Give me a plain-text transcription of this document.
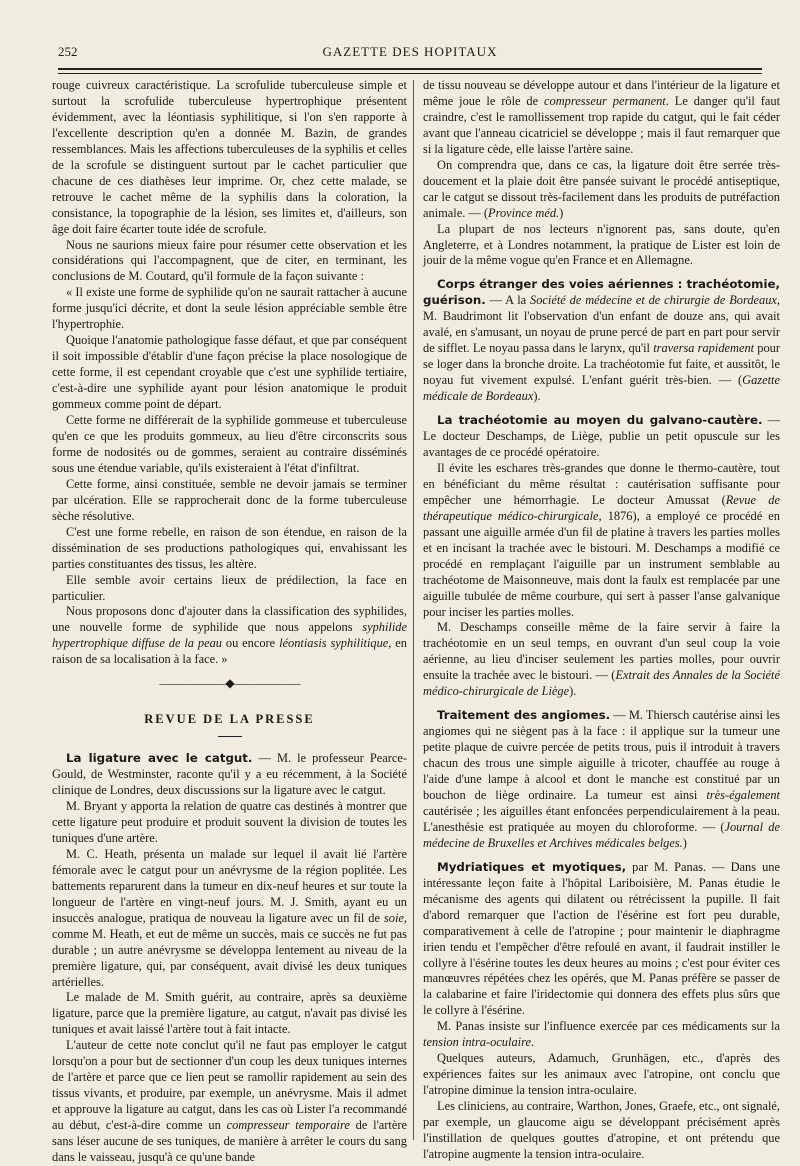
252	GAZETTE DES HOPITAUX

rouge cuivreux caractéristique. La scrofulide tuberculeuse simple et surtout la scrofulide tuberculeuse hypertrophique présentent évidemment, avec la léontiasis syphilitique, si l'on s'en rapporte à l'excellente description qu'en a donnée M. Bazin, de grandes ressemblances. Mais les affections tuberculeuses de la syphilis et celles de la scrofule se distinguent surtout par le cachet particulier que chacune de ces diathèses leur imprime. Or, chez cette malade, se retrouve le cachet même de la syphilis dans la coloration, la consistance, la topographie de la lésion, ses limites et, d'ailleurs, son âge doit faire écarter toute idée de scrofule.

Nous ne saurions mieux faire pour résumer cette observation et les considérations qui l'accompagnent, que de citer, en terminant, les conclusions de M. Coutard, qu'il formule de la façon suivante :

« Il existe une forme de syphilide qu'on ne saurait rattacher à aucune forme jusqu'ici décrite, et dont la seule lésion appréciable semble être l'hypertrophie.

Quoique l'anatomie pathologique fasse défaut, et que par conséquent il soit impossible d'établir d'une façon précise la place nosologique de cette forme, il est cependant croyable que c'est une syphilide tertiaire, c'est-à-dire une syphilide ayant pour lésion anatomique le produit gommeux comme point de départ.

Cette forme ne différerait de la syphilide gommeuse et tuberculeuse qu'en ce que les produits gommeux, au lieu d'être circonscrits sous forme de nodosités ou de gommes, seraient au contraire disséminés sous une étendue variable, qu'ils existeraient à l'état d'infiltrat.

Cette forme, ainsi constituée, semble ne devoir jamais se terminer par ulcération. Elle se rapprocherait donc de la forme tuberculeuse sèche résolutive.

C'est une forme rebelle, en raison de son étendue, en raison de la dissémination de ses productions pathologiques qui, envahissant les parties constituantes des tissus, les altère.

Elle semble avoir certains lieux de prédilection, la face en particulier.

Nous proposons donc d'ajouter dans la classification des syphilides, une nouvelle forme de syphilide que nous appelons syphilide hypertrophique diffuse de la peau ou encore léontiasis syphilitique, en raison de sa localisation à la face. »

——————◆——————
REVUE DE LA PRESSE

La ligature avec le catgut. — M. le professeur Pearce-Gould, de Westminster, raconte qu'il y a eu récemment, à la Société clinique de Londres, deux discussions sur la ligature avec le catgut.

M. Bryant y apporta la relation de quatre cas destinés à montrer que cette ligature peut produire et produit souvent la division de toutes les tuniques d'une artère.

M. C. Heath, présenta un malade sur lequel il avait lié l'artère fémorale avec le catgut pour un anévrysme de la région poplitée. Les battements reparurent dans la tumeur en dix-neuf heures et sur toute la longueur de l'artère en vingt-neuf jours. M. J. Smith, ayant eu un insuccès analogue, pratiqua de nouveau la ligature avec un fil de soie, comme M. Heath, et eut de même un succès, mais ce succès ne fut pas durable ; un autre anévrysme se développa lentement au niveau de la première ligature, qui, par conséquent, avait divisé les deux tuniques artérielles.

Le malade de M. Smith guérit, au contraire, après sa deuxième ligature, parce que la première ligature, au catgut, n'avait pas divisé les tuniques et avait laissé l'artère tout à fait intacte.

L'auteur de cette note conclut qu'il ne faut pas employer le catgut lorsqu'on a pour but de sectionner d'un coup les deux tuniques internes de l'artère et parce que ce lien peut se ramollir rapidement au sein des tissus vivants, et produire, par exemple, un anévrysme. Mais il admet et approuve la ligature au catgut, dans les cas où Lister l'a recommandé au début, c'est-à-dire comme un compresseur temporaire de l'artère sans léser aucune de ses tuniques, de manière à arrêter le cours du sang dans le vaisseau, jusqu'à ce qu'une bande

de tissu nouveau se développe autour et dans l'intérieur de la ligature et même joue le rôle de compresseur permanent. Le danger qu'il faut craindre, c'est le ramollissement trop rapide du catgut, qui le fait céder avant que l'anneau cicatriciel se développe ; mais il faut remarquer que si la ligature cède, elle laisse l'artère saine.

On comprendra que, dans ce cas, la ligature doit être serrée très-doucement et la plaie doit être pansée suivant le procédé antiseptique, car le catgut se dissout très-facilement dans les produits de putréfaction animale. — (Province méd.)

La plupart de nos lecteurs n'ignorent pas, sans doute, qu'en Angleterre, et à Londres notamment, la pratique de Lister est loin de jouir de la même vogue qu'en France et en Allemagne.

Corps étranger des voies aériennes : trachéotomie, guérison. — A la Société de médecine et de chirurgie de Bordeaux, M. Baudrimont lit l'observation d'un enfant de douze ans, qui avait avalé, en s'amusant, un noyau de prune percé de part en part pour servir de sifflet. Le noyau passa dans le larynx, qu'il traversa rapidement pour se loger dans la bronche droite. La trachéotomie fut faite, et aussitôt, le noyau fut vivement expulsé. L'enfant guérit très-bien. — (Gazette médicale de Bordeaux).

La trachéotomie au moyen du galvano-cautère. — Le docteur Deschamps, de Liège, publie un petit opuscule sur les avantages de ce procédé opératoire.

Il évite les eschares très-grandes que donne le thermo-cautère, tout en bénéficiant du même résultat : cautérisation suffisante pour empêcher une hémorrhagie. Le docteur Amussat (Revue de thérapeutique médico-chirurgicale, 1876), a employé ce procédé en passant une aiguille armée d'un fil de platine à travers les parties molles et en incisant la trachée avec le bistouri. M. Deschamps a modifié ce procédé en remplaçant l'aiguille par un instrument semblable au trachéotome de Maisonneuve, mais dont la faulx est remplacée par une aiguille tubulée de même courbure, qui sert à passer l'anse galvanique pour inciser les parties molles.

M. Deschamps conseille même de la faire servir à faire la trachéotomie en un seul temps, en ouvrant d'un seul coup la voie aérienne, au lieu d'inciser seulement les parties molles, pour ouvrir ensuite la trachée avec le bistouri. — (Extrait des Annales de la Société médico-chirurgicale de Liège).

Traitement des angiomes. — M. Thiersch cautérise ainsi les angiomes qui ne siègent pas à la face : il applique sur la tumeur une petite plaque de cuivre percée de petits trous, puis il introduit à travers chacun des trous une simple aiguille à tricoter, chauffée au rouge à l'aide d'une lampe à alcool et dont le manche est constitué par un bouchon de liège ordinaire. La tumeur est ainsi très-également cautérisée ; les aiguilles étant enfoncées perpendiculairement à la peau. L'anesthésie est pratiquée au moyen du chloroforme. — (Journal de médecine de Bruxelles et Archives médicales belges.)

Mydriatiques et myotiques, par M. Panas. — Dans une intéressante leçon faite à l'hôpital Lariboisière, M. Panas étudie le mécanisme des agents qui dilatent ou rétrécissent la pupille. Il fait d'abord remarquer que l'action de l'ésérine est fort peu durable, comparativement à celle de l'atropine ; pour maintenir le diaphragme irien tendu et l'empêcher d'être refoulé en avant, il faudrait instiller le collyre à l'ésérine toutes les deux heures au moins ; c'est pour éviter ces manœuvres répétées chez les opérés, que M. Panas préfère se passer de la calabarine et faire l'iridectomie qui donnera des effets plus sûrs que le collyre à l'ésérine.

M. Panas insiste sur l'influence exercée par ces médicaments sur la tension intra-oculaire.

Quelques auteurs, Adamuch, Grunhägen, etc., d'après des expériences faites sur les animaux avec l'atropine, ont conclu que l'atropine diminue la tension intra-oculaire.

Les cliniciens, au contraire, Warthon, Jones, Graefe, etc., ont signalé, par exemple, un glaucome aigu se développant précisément après l'instillation de quelques gouttes d'atropine, et ont prétendu que l'atropine augmente la tension intra-oculaire.
